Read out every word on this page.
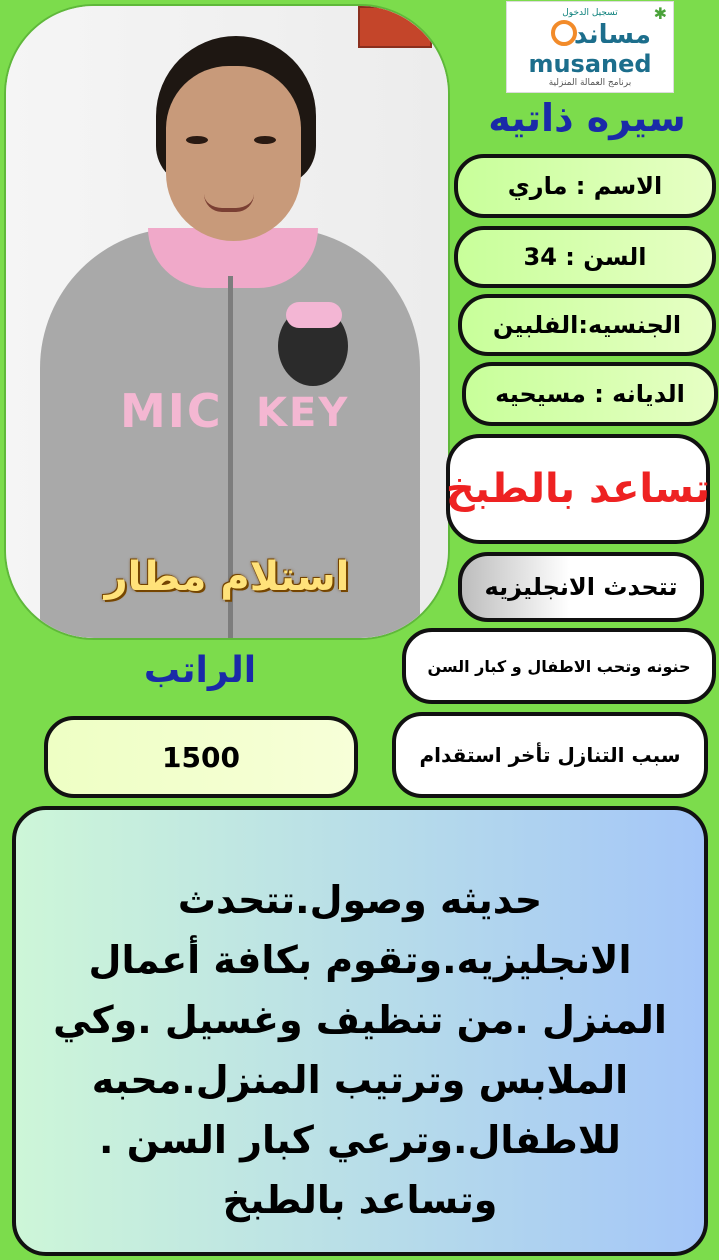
MIC KEY
استلام مطار
تسجيل الدخول	✱
مساند
musaned
برنامج العمالة المنزلية
سيره ذاتيه
الاسم : ماري
السن : 34
الجنسيه:الفلبين
الديانه : مسيحيه
تساعد بالطبخ
تتحدث الانجليزيه
حنونه وتحب الاطفال و كبار السن
سبب التنازل تأخر استقدام
الراتب
1500
حديثه وصول.تتحدث الانجليزيه.وتقوم بكافة أعمال المنزل .من تنظيف وغسيل .وكي الملابس وترتيب المنزل.محبه للاطفال.وترعي كبار السن . وتساعد بالطبخ
